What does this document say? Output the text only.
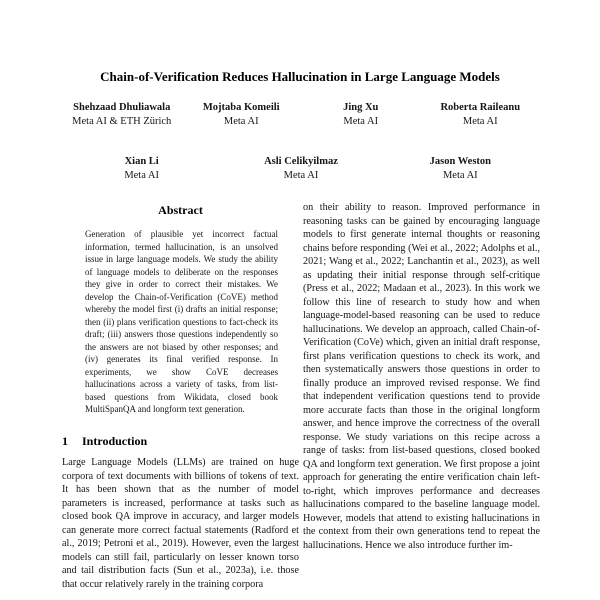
Chain-of-Verification Reduces Hallucination in Large Language Models
Shehzaad Dhuliawala
Meta AI & ETH Zürich
Mojtaba Komeili
Meta AI
Jing Xu
Meta AI
Roberta Raileanu
Meta AI
Xian Li
Meta AI
Asli Celikyilmaz
Meta AI
Jason Weston
Meta AI
Abstract

Generation of plausible yet incorrect factual information, termed hallucination, is an unsolved issue in large language models. We study the ability of language models to deliberate on the responses they give in order to correct their mistakes. We develop the Chain-of-Verification (CoVE) method whereby the model first (i) drafts an initial response; then (ii) plans verification questions to fact-check its draft; (iii) answers those questions independently so the answers are not biased by other responses; and (iv) generates its final verified response. In experiments, we show CoVE decreases hallucinations across a variety of tasks, from list-based questions from Wikidata, closed book MultiSpanQA and longform text generation.

1 Introduction

Large Language Models (LLMs) are trained on huge corpora of text documents with billions of tokens of text. It has been shown that as the number of model parameters is increased, performance at tasks such as closed book QA improve in accuracy, and larger models can generate more correct factual statements (Radford et al., 2019; Petroni et al., 2019). However, even the largest models can still fail, particularly on lesser known torso and tail distribution facts (Sun et al., 2023a), i.e. those that occur relatively rarely in the training corpora

on their ability to reason. Improved performance in reasoning tasks can be gained by encouraging language models to first generate internal thoughts or reasoning chains before responding (Wei et al., 2022; Adolphs et al., 2021; Wang et al., 2022; Lanchantin et al., 2023), as well as updating their initial response through self-critique (Press et al., 2022; Madaan et al., 2023). In this work we follow this line of research to study how and when language-model-based reasoning can be used to reduce hallucinations. We develop an approach, called Chain-of-Verification (CoVe) which, given an initial draft response, first plans verification questions to check its work, and then systematically answers those questions in order to finally produce an improved revised response. We find that independent verification questions tend to provide more accurate facts than those in the original longform answer, and hence improve the correctness of the overall response. We study variations on this recipe across a range of tasks: from list-based questions, closed booked QA and longform text generation. We first propose a joint approach for generating the entire verification chain left-to-right, which improves performance and decreases hallucinations compared to the baseline language model. However, models that attend to existing hallucinations in the context from their own generations tend to repeat the hallucinations. Hence we also introduce further im-
